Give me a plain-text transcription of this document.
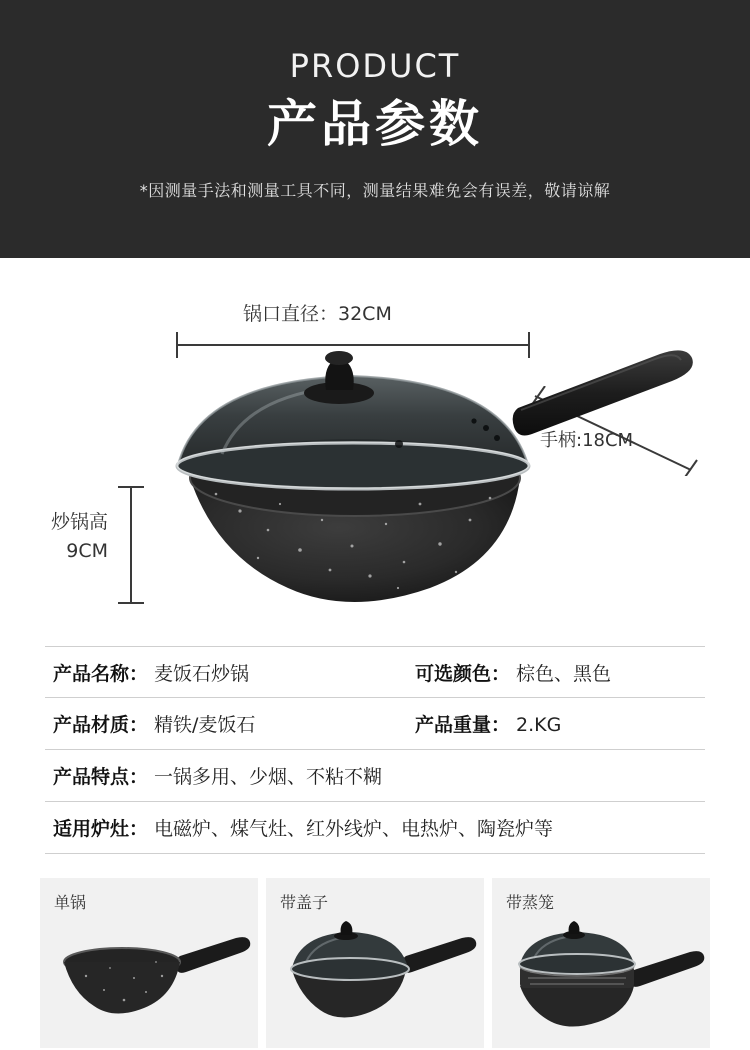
PRODUCT
产品参数
*因测量手法和测量工具不同，测量结果难免会有误差，敬请谅解
锅口直径：32CM
炒锅高
9CM
手柄:18CM
产品名称： 麦饭石炒锅	可选颜色： 棕色、黑色
产品材质： 精铁/麦饭石	产品重量： 2.KG
产品特点： 一锅多用、少烟、不粘不糊
适用炉灶： 电磁炉、煤气灶、红外线炉、电热炉、陶瓷炉等
单锅	带盖子	带蒸笼
